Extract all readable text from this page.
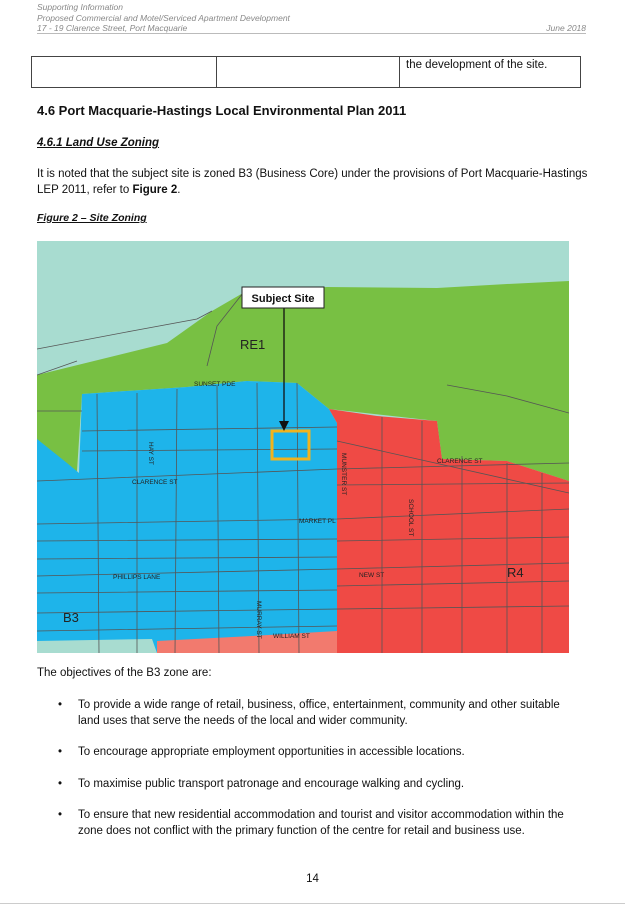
Supporting Information
Proposed Commercial and Motel/Serviced Apartment Development
17 - 19 Clarence Street, Port Macquarie	June 2018
		the development of the site.
4.6 Port Macquarie-Hastings Local Environmental Plan 2011
4.6.1 Land Use Zoning
It is noted that the subject site is zoned B3 (Business Core) under the provisions of Port Macquarie-Hastings LEP 2011, refer to Figure 2.
Figure 2 – Site Zoning
Subject Site
RE1
B3
R4
SUNSET PDE
HAY ST
CLARENCE ST
CLARENCE ST
MUNSTER ST
SCHOOL ST
MARKET PL
PHILLIPS LANE	NEW ST
MURRAY ST WILLIAM ST
The objectives of the B3 zone are:
• To provide a wide range of retail, business, office, entertainment, community and other suitable land uses that serve the needs of the local and wider community.
• To encourage appropriate employment opportunities in accessible locations.
• To maximise public transport patronage and encourage walking and cycling.
• To ensure that new residential accommodation and tourist and visitor accommodation within the zone does not conflict with the primary function of the centre for retail and business use.
14
